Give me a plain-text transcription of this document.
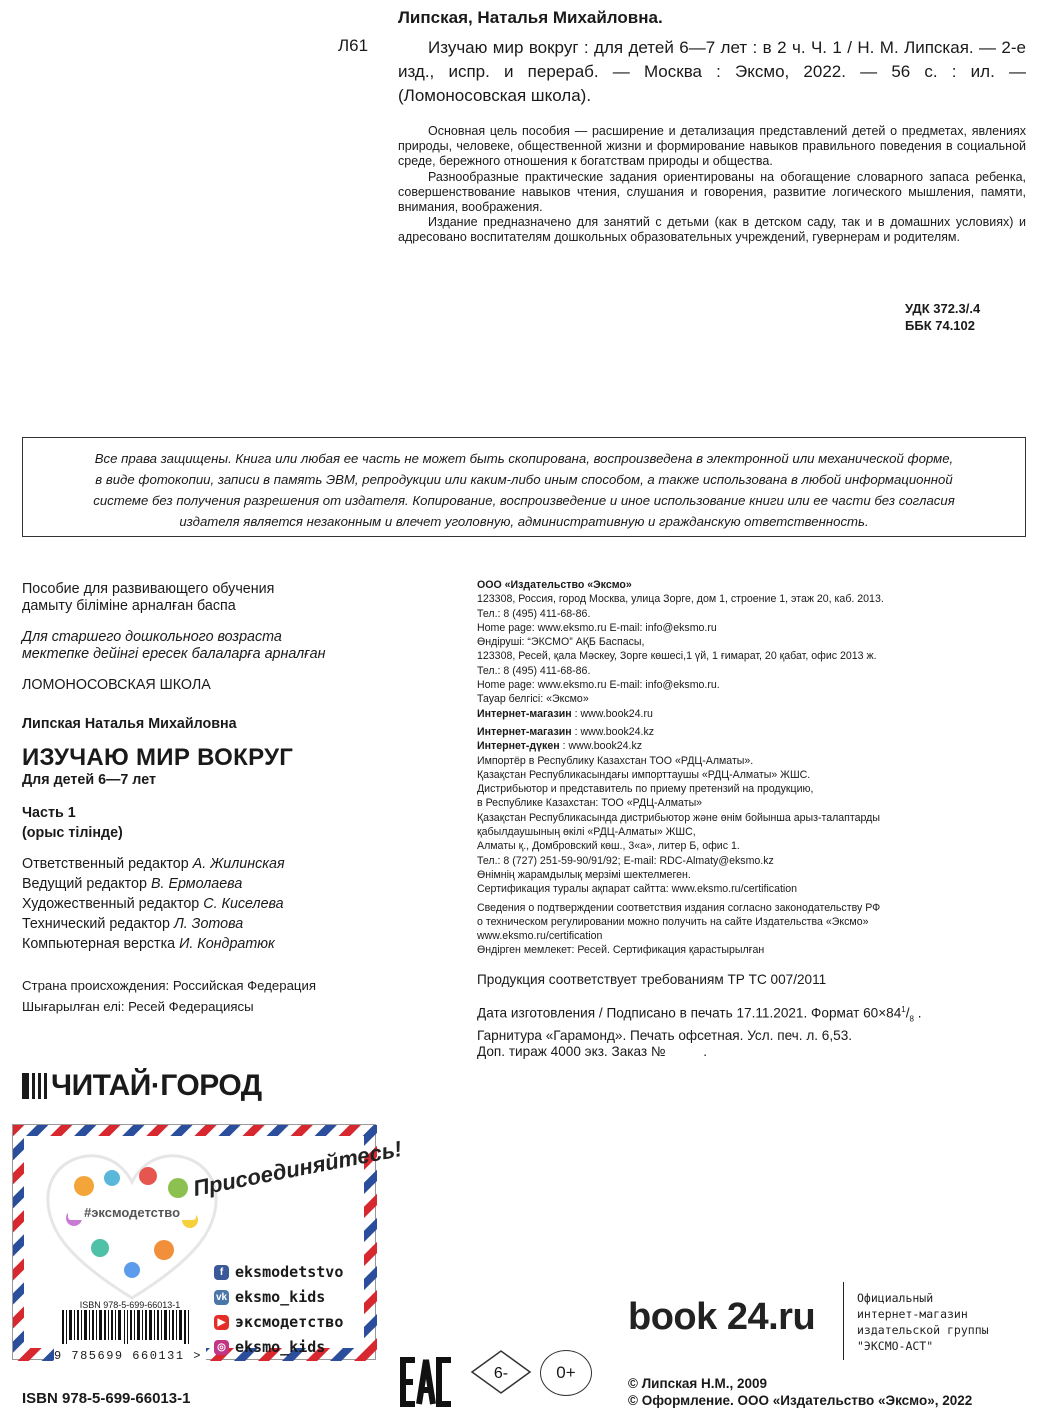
Липская, Наталья Михайловна.
Л61	Изучаю мир вокруг : для детей 6—7 лет : в 2 ч. Ч. 1 / Н. М. Липская. — 2-е изд., испр. и перераб. — Москва : Эксмо, 2022. — 56 с. : ил. — (Ломоносовская школа).

Основная цель пособия — расширение и детализация представлений детей о предметах, явлениях природы, человеке, общественной жизни и формирование навыков правильного поведения в социальной среде, бережного отношения к богатствам природы и общества.

Разнообразные практические задания ориентированы на обогащение словарного запаса ребенка, совершенствование навыков чтения, слушания и говорения, развитие логического мышления, памяти, внимания, воображения.

Издание предназначено для занятий с детьми (как в детском саду, так и в домашних условиях) и адресовано воспитателям дошкольных образовательных учреждений, гувернерам и родителям.

УДК 372.3/.4
ББК 74.102
Все права защищены. Книга или любая ее часть не может быть скопирована, воспроизведена в электронной или механической форме,
в виде фотокопии, записи в память ЭВМ, репродукции или каким-либо иным способом, а также использована в любой информационной
системе без получения разрешения от издателя. Копирование, воспроизведение и иное использование книги или ее части без согласия
издателя является незаконным и влечет уголовную, административную и гражданскую ответственность.
Пособие для развивающего обучения
дамыту біліміне арналған баспа
Для старшего дошкольного возраста
мектепке дейінгі ересек балаларға арналған
ЛОМОНОСОВСКАЯ ШКОЛА
Липская Наталья Михайловна
ИЗУЧАЮ МИР ВОКРУГ
Для детей 6—7 лет
Часть 1
(орыс тілінде)
Ответственный редактор А. Жилинская
Ведущий редактор В. Ермолаева
Художественный редактор С. Киселева
Технический редактор Л. Зотова
Компьютерная верстка И. Кондратюк
Страна происхождения: Российская Федерация
Шығарылған елі: Ресей Федерациясы
ООО «Издательство «Эксмо»
123308, Россия, город Москва, улица Зорге, дом 1, строение 1, этаж 20, каб. 2013.
Тел.: 8 (495) 411-68-86.
Home page: www.eksmo.ru E-mail: info@eksmo.ru
Өндіруші: “ЭКСМО” АҚБ Баспасы,
123308, Ресей, қала Мәскеу, Зорге көшесі,1 үй, 1 ғимарат, 20 қабат, офис 2013 ж.
Тел.: 8 (495) 411-68-86.
Home page: www.eksmo.ru E-mail: info@eksmo.ru.
Тауар белгісі: «Эксмо»
Интернет-магазин : www.book24.ru
Интернет-магазин : www.book24.kz
Интернет-дүкен : www.book24.kz
Импортёр в Республику Казахстан ТОО «РДЦ-Алматы».
Қазақстан Республикасындағы импорттаушы «РДЦ-Алматы» ЖШС.
Дистрибьютор и представитель по приему претензий на продукцию,
в Республике Казахстан: ТОО «РДЦ-Алматы»
Қазақстан Республикасында дистрибьютор және өнім бойынша арыз-талаптарды
қабылдаушының өкілі «РДЦ-Алматы» ЖШС,
Алматы қ., Домбровский көш., 3«а», литер Б, офис 1.
Тел.: 8 (727) 251-59-90/91/92; E-mail: RDC-Almaty@eksmo.kz
Өнімнің жарамдылық мерзімі шектелмеген.
Сертификация туралы ақпарат сайтта: www.eksmo.ru/certification
Сведения о подтверждении соответствия издания согласно законодательству РФ
о техническом регулировании можно получить на сайте Издательства «Эксмо»
www.eksmo.ru/certification
Өндірген мемлекет: Ресей. Сертификация қарастырылған
Продукция соответствует требованиям ТР ТС 007/2011
Дата изготовления / Подписано в печать 17.11.2021. Формат $60\times 84^1/_8$ .
Гарнитура «Гарамонд». Печать офсетная. Усл. печ. л. 6,53.
Доп. тираж 4000 экз. Заказ №          .
ЧИТАЙ·ГОРОД
#эксмодетство
Присоединяйтесь!
f eksmodetstvo
vk eksmo_kids
▶ эксмодетство
◎ eksmo_kids
ISBN 978-5-699-66013-1
9 785699 660131 >
book 24.ru	Официальный
интернет-магазин
издательской группы
"ЭКСМО-АСТ"
ISBN 978-5-699-66013-1
6-	0+
© Липская Н.М., 2009
© Оформление. ООО «Издательство «Эксмо», 2022
